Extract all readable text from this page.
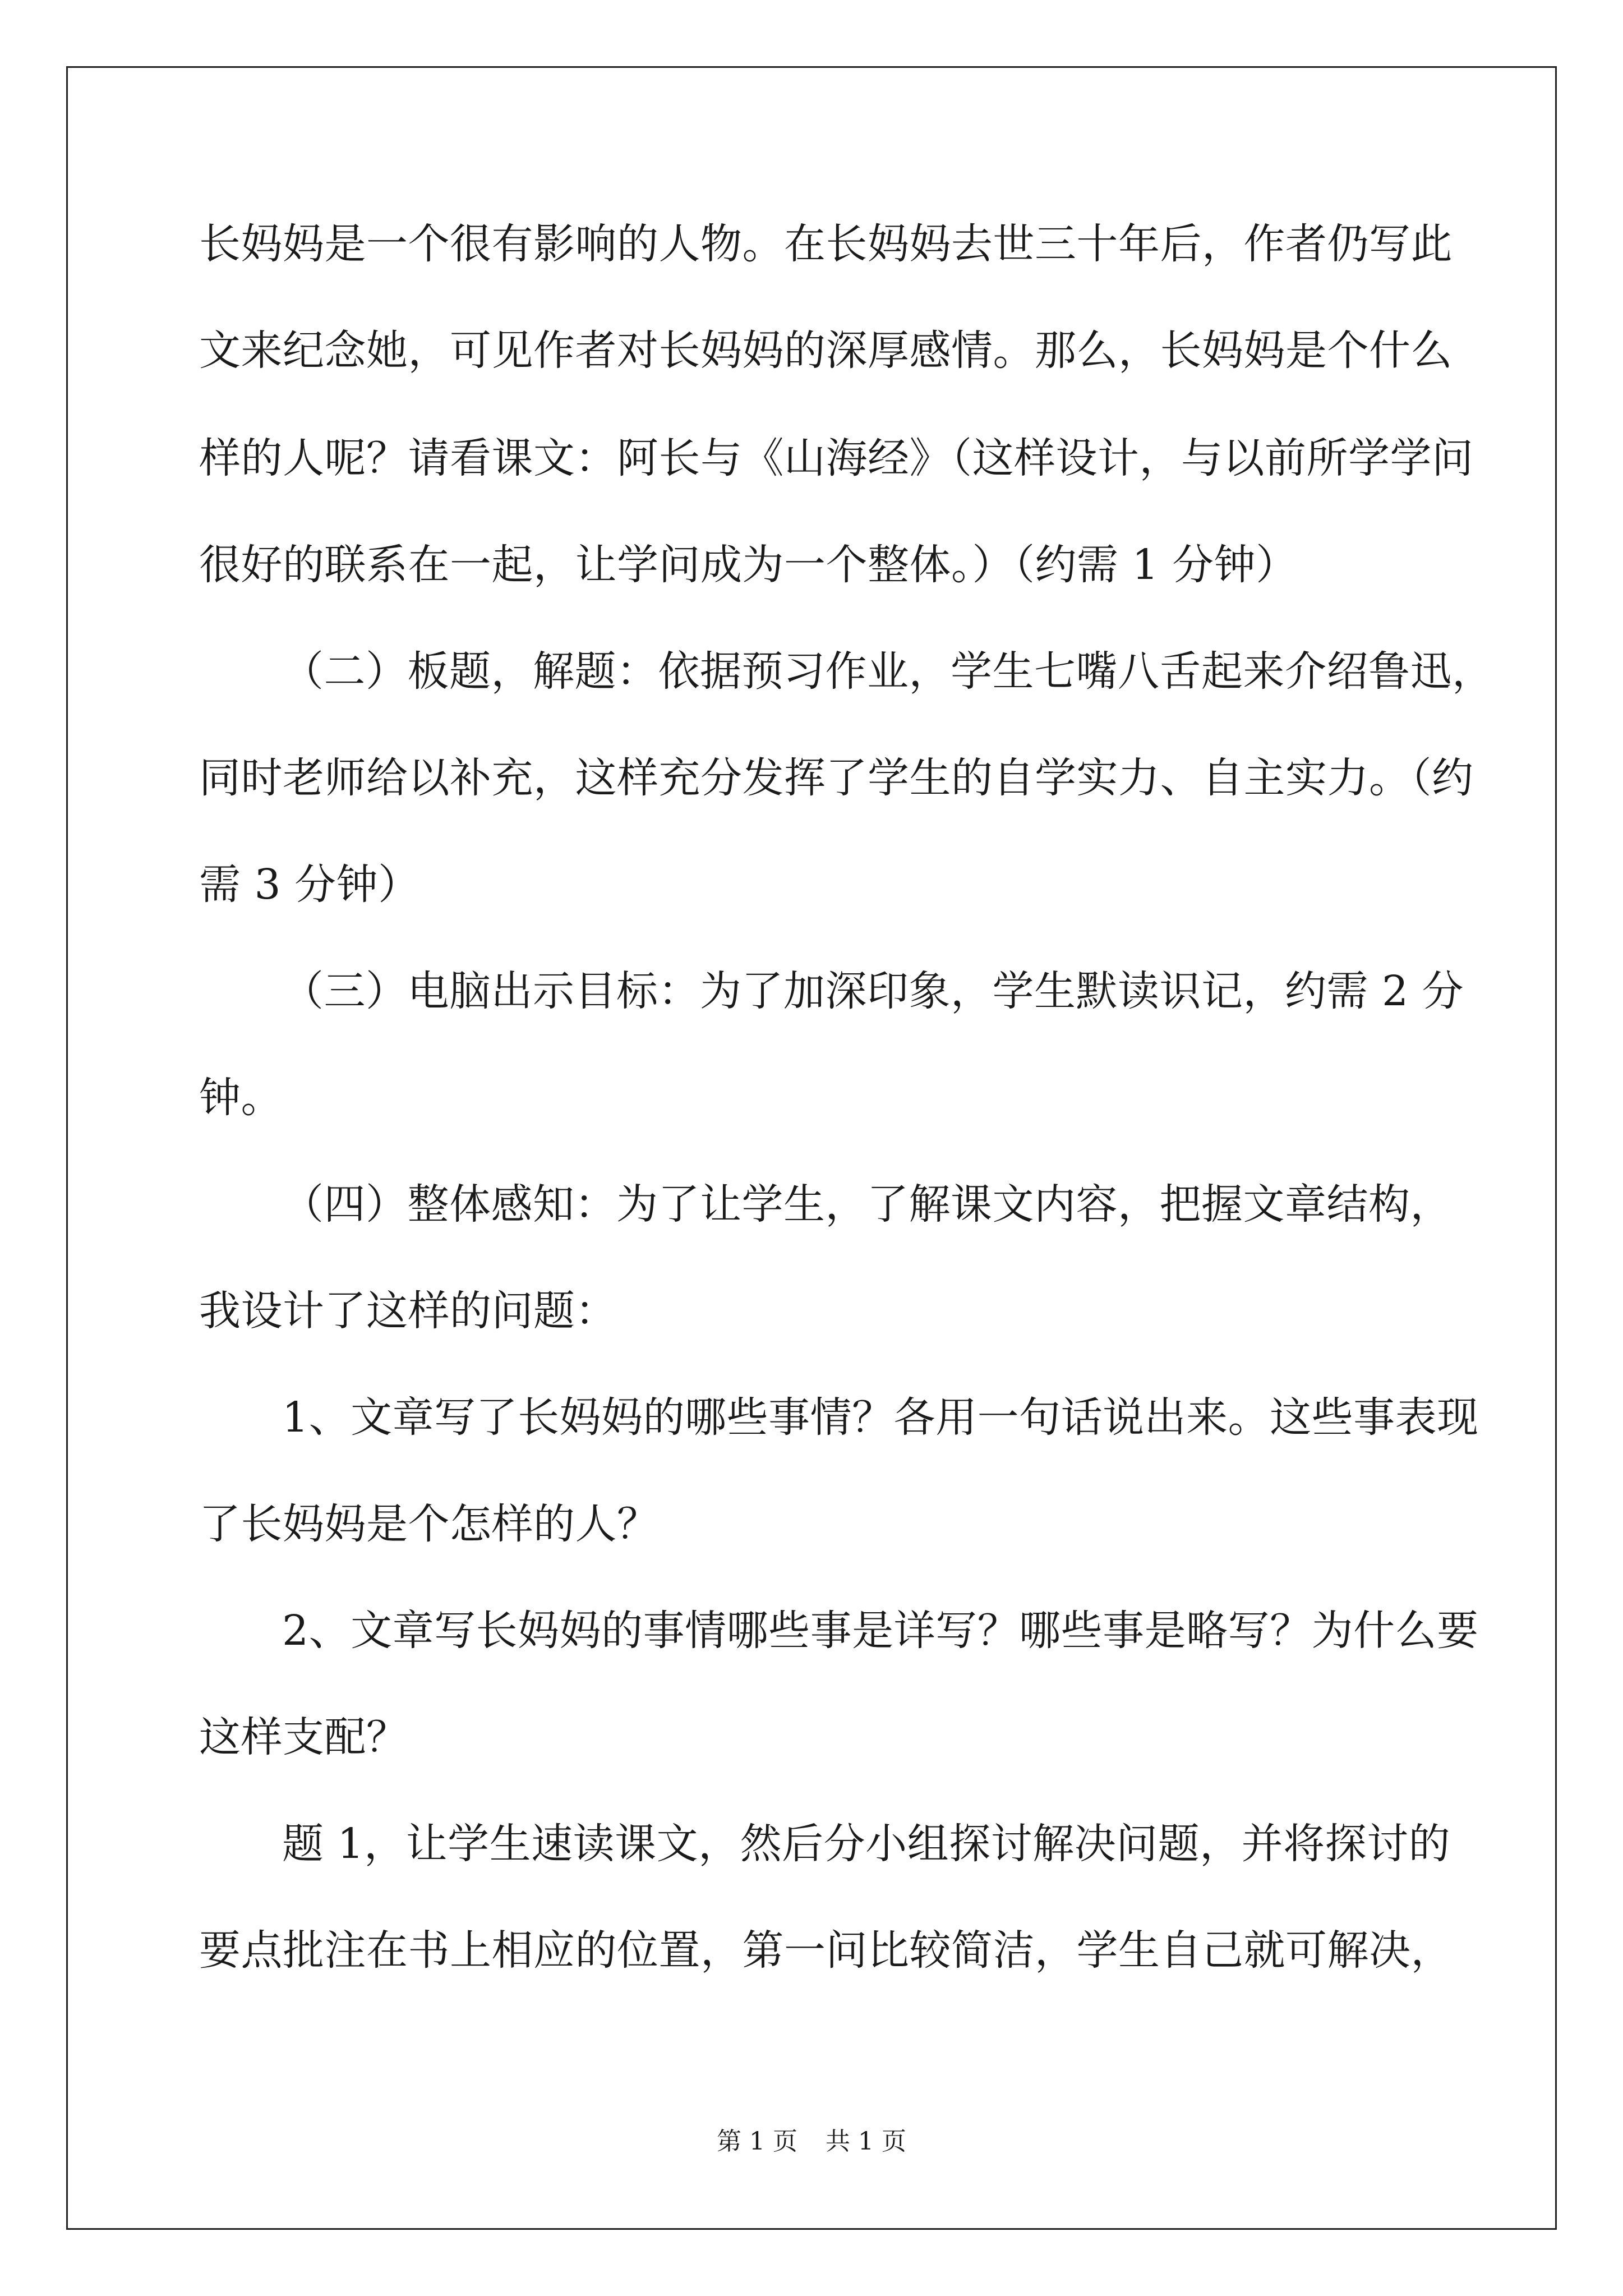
长妈妈是一个很有影响的人物。在长妈妈去世三十年后，作者仍写此
文来纪念她，可见作者对长妈妈的深厚感情。那么，长妈妈是个什么
样的人呢？请看课文：阿长与《山海经》（这样设计，与以前所学学问
很好的联系在一起，让学问成为一个整体。）（约需 1 分钟）
（二）板题，解题：依据预习作业，学生七嘴八舌起来介绍鲁迅，
同时老师给以补充，这样充分发挥了学生的自学实力、自主实力。（约
需 3 分钟）
（三）电脑出示目标：为了加深印象，学生默读识记，约需 2 分
钟。
（四）整体感知：为了让学生，了解课文内容，把握文章结构，
我设计了这样的问题：
1、文章写了长妈妈的哪些事情？各用一句话说出来。这些事表现
了长妈妈是个怎样的人？
2、文章写长妈妈的事情哪些事是详写？哪些事是略写？为什么要
这样支配？
题 1，让学生速读课文，然后分小组探讨解决问题，并将探讨的
要点批注在书上相应的位置，第一问比较简洁，学生自己就可解决，
第 1 页 共 1 页
